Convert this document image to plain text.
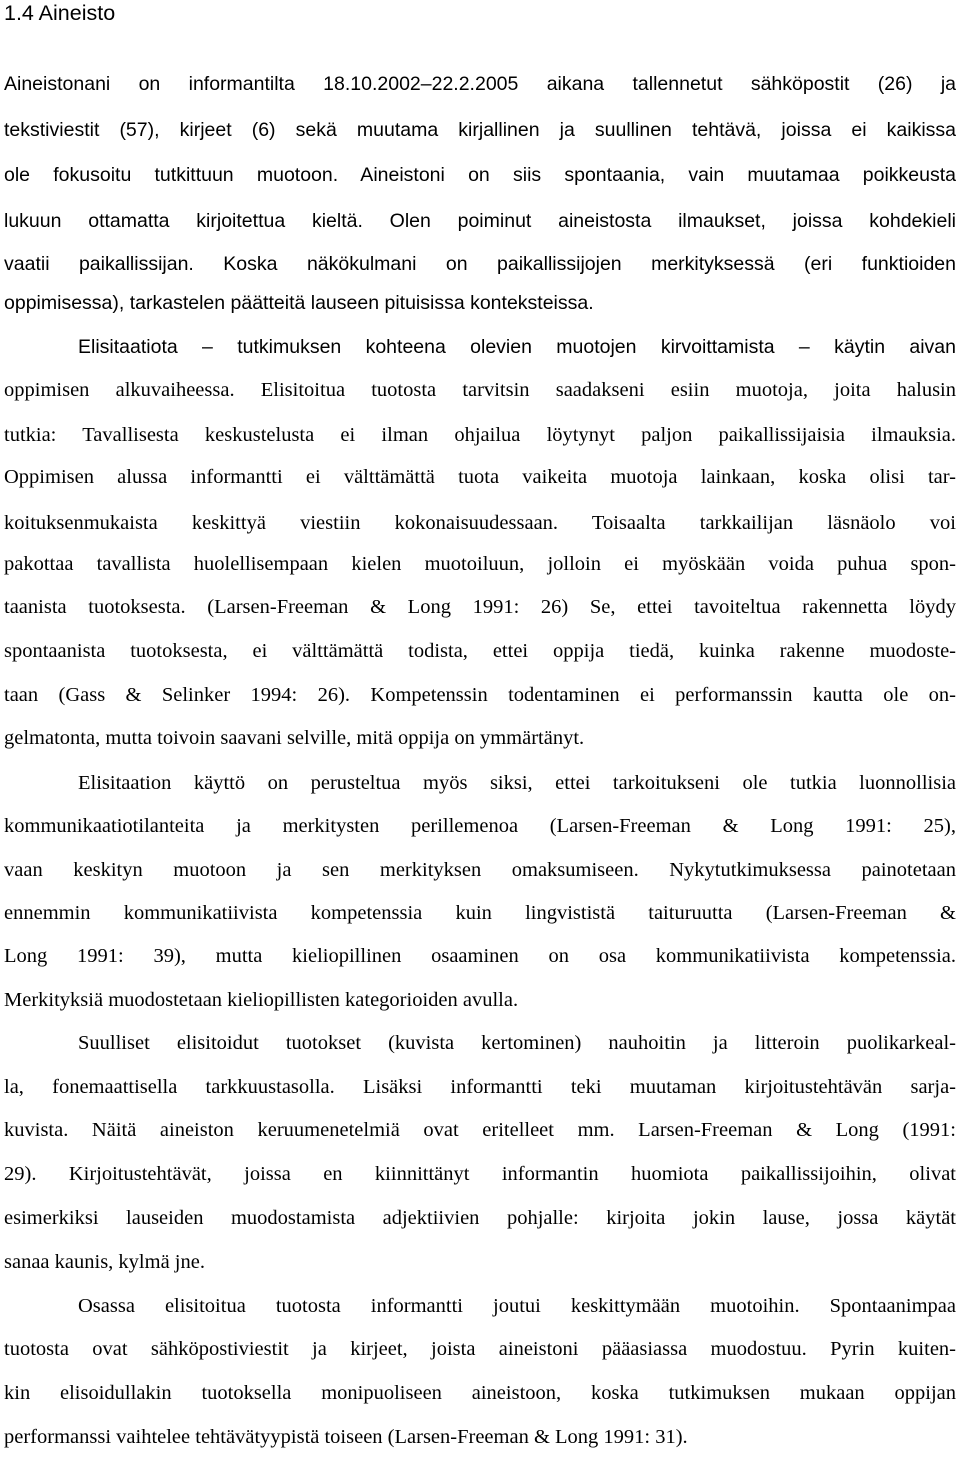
1.4 Aineisto
Aineistonani on informantilta 18.10.2002–22.2.2005 aikana tallennetut sähköpostit (26) ja
tekstiviestit (57), kirjeet (6) sekä muutama kirjallinen ja suullinen tehtävä, joissa ei kaikissa
ole fokusoitu tutkittuun muotoon. Aineistoni on siis spontaania, vain muutamaa poikkeusta
lukuun ottamatta kirjoitettua kieltä. Olen poiminut aineistosta ilmaukset, joissa kohdekieli
vaatii paikallissijan. Koska näkökulmani on paikallissijojen merkityksessä (eri funktioiden
oppimisessa), tarkastelen päätteitä lauseen pituisissa konteksteissa.
Elisitaatiota – tutkimuksen kohteena olevien muotojen kirvoittamista – käytin aivan
oppimisen alkuvaiheessa. Elisitoitua tuotosta tarvitsin saadakseni esiin muotoja, joita halusin
tutkia: Tavallisesta keskustelusta ei ilman ohjailua löytynyt paljon paikallissijaisia ilmauksia.
Oppimisen alussa informantti ei välttämättä tuota vaikeita muotoja lainkaan, koska olisi tar-
koituksenmukaista keskittyä viestiin kokonaisuudessaan. Toisaalta tarkkailijan läsnäolo voi
pakottaa tavallista huolellisempaan kielen muotoiluun, jolloin ei myöskään voida puhua spon-
taanista tuotoksesta. (Larsen-Freeman & Long 1991: 26) Se, ettei tavoiteltua rakennetta löydy
spontaanista tuotoksesta, ei välttämättä todista, ettei oppija tiedä, kuinka rakenne muodoste-
taan (Gass & Selinker 1994: 26). Kompetenssin todentaminen ei performanssin kautta ole on-
gelmatonta, mutta toivoin saavani selville, mitä oppija on ymmärtänyt.
Elisitaation käyttö on perusteltua myös siksi, ettei tarkoitukseni ole tutkia luonnollisia
kommunikaatiotilanteita ja merkitysten perillemenoa (Larsen-Freeman & Long 1991: 25),
vaan keskityn muotoon ja sen merkityksen omaksumiseen. Nykytutkimuksessa painotetaan
ennemmin kommunikatiivista kompetenssia kuin lingvististä taituruutta (Larsen-Freeman &
Long 1991: 39), mutta kieliopillinen osaaminen on osa kommunikatiivista kompetenssia.
Merkityksiä muodostetaan kieliopillisten kategorioiden avulla.
Suulliset elisitoidut tuotokset (kuvista kertominen) nauhoitin ja litteroin puolikarkeal-
la, fonemaattisella tarkkuustasolla. Lisäksi informantti teki muutaman kirjoitustehtävän sarja-
kuvista. Näitä aineiston keruumenetelmiä ovat eritelleet mm. Larsen-Freeman & Long (1991:
29). Kirjoitustehtävät, joissa en kiinnittänyt informantin huomiota paikallissijoihin, olivat
esimerkiksi lauseiden muodostamista adjektiivien pohjalle: kirjoita jokin lause, jossa käytät
sanaa kaunis, kylmä jne.
Osassa elisitoitua tuotosta informantti joutui keskittymään muotoihin. Spontaanimpaa
tuotosta ovat sähköpostiviestit ja kirjeet, joista aineistoni pääasiassa muodostuu. Pyrin kuiten-
kin elisoidullakin tuotoksella monipuoliseen aineistoon, koska tutkimuksen mukaan oppijan
performanssi vaihtelee tehtävätyypistä toiseen (Larsen-Freeman & Long 1991: 31).
